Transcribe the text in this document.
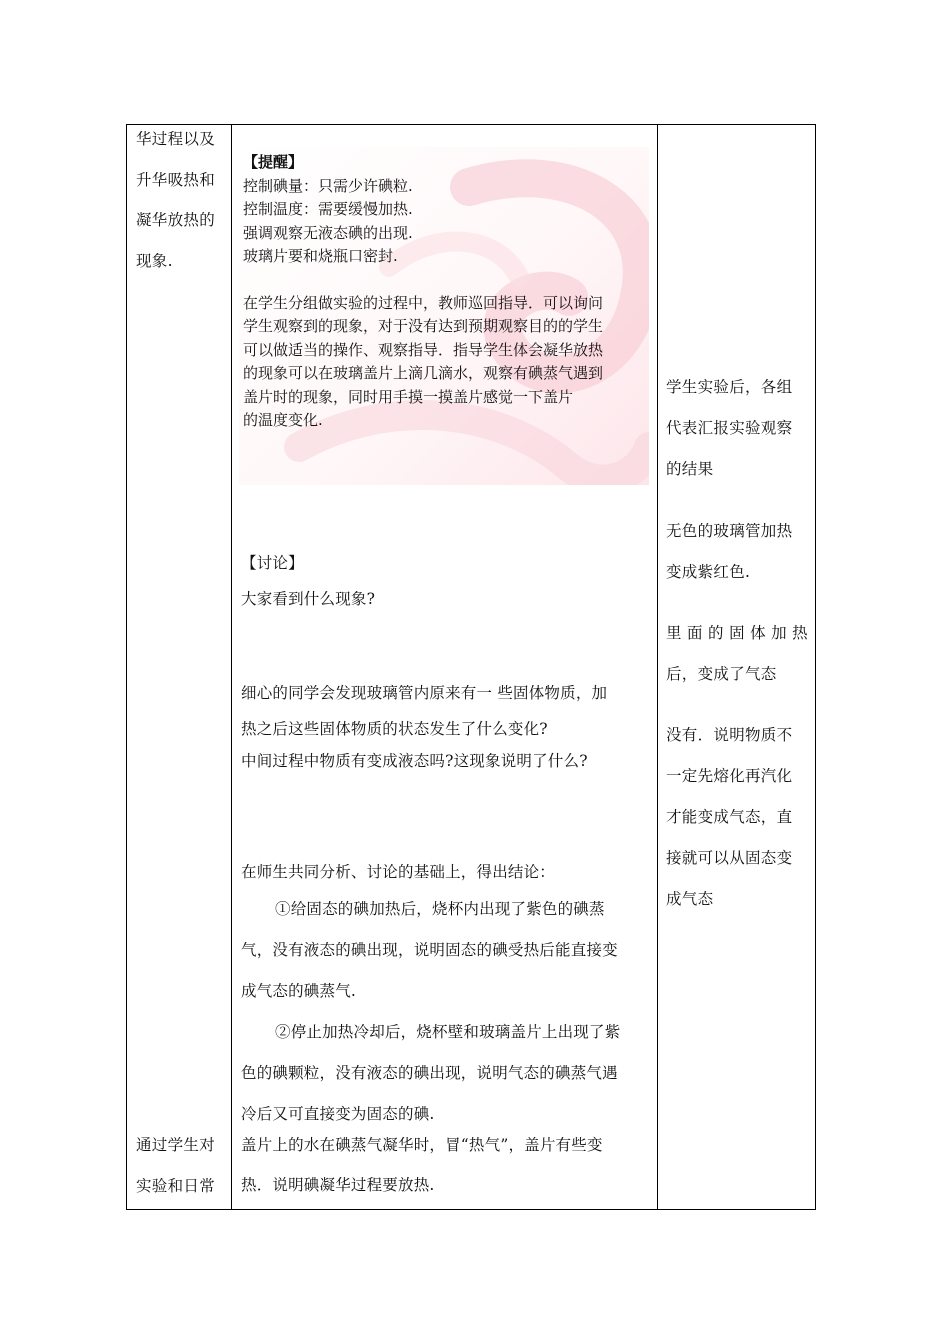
华过程以及
升华吸热和
凝华放热的
现象.
通过学生对
实验和日常

【提醒】

控制碘量：只需少许碘粒.

控制温度：需要缓慢加热.

强调观察无液态碘的出现.

玻璃片要和烧瓶口密封.

在学生分组做实验的过程中，教师巡回指导．可以询问

学生观察到的现象，对于没有达到预期观察目的的学生

可以做适当的操作、观察指导．指导学生体会凝华放热

的现象可以在玻璃盖片上滴几滴水，观察有碘蒸气遇到

盖片时的现象，同时用手摸一摸盖片感觉一下盖片

的温度变化.

【讨论】
大家看到什么现象?
细心的同学会发现玻璃管内原来有一 些固体物质，加
热之后这些固体物质的状态发生了什么变化?
中间过程中物质有变成液态吗?这现象说明了什么?
在师生共同分析、讨论的基础上，得出结论：
①给固态的碘加热后，烧杯内出现了紫色的碘蒸
气，没有液态的碘出现，说明固态的碘受热后能直接变
成气态的碘蒸气.
②停止加热冷却后，烧杯壁和玻璃盖片上出现了紫
色的碘颗粒，没有液态的碘出现，说明气态的碘蒸气遇
冷后又可直接变为固态的碘.
盖片上的水在碘蒸气凝华时，冒“热气”，盖片有些变
热．说明碘凝华过程要放热.
学生实验后，各组
代表汇报实验观察
的结果
无色的玻璃管加热
变成紫红色.
里 面 的 固 体 加 热
后，变成了气态
没有．说明物质不
一定先熔化再汽化
才能变成气态，直
接就可以从固态变
成气态
